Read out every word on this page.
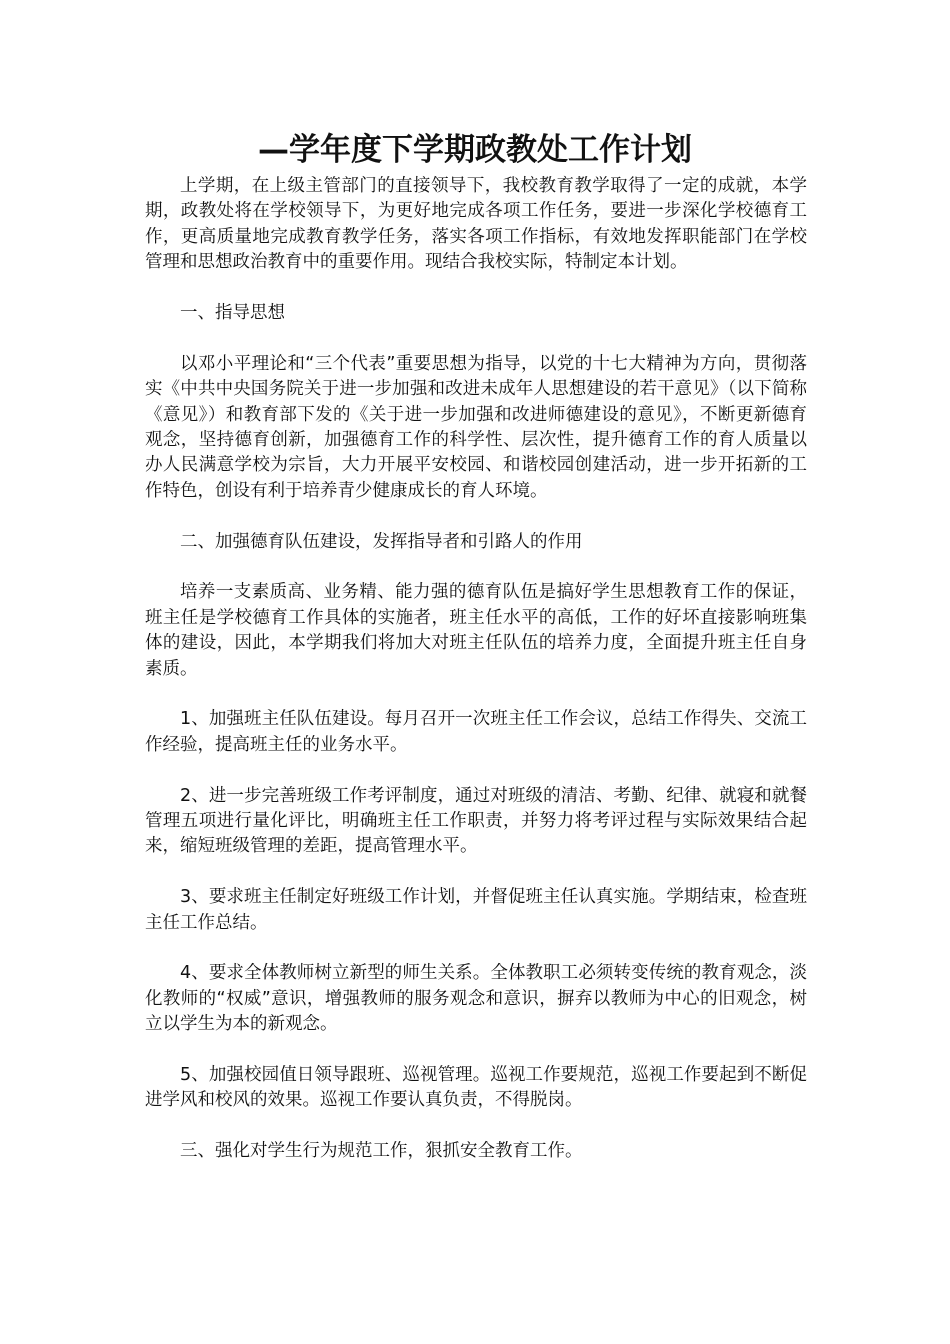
—学年度下学期政教处工作计划

上学期，在上级主管部门的直接领导下，我校教育教学取得了一定的成就，本学期，政教处将在学校领导下，为更好地完成各项工作任务，要进一步深化学校德育工作，更高质量地完成教育教学任务，落实各项工作指标，有效地发挥职能部门在学校管理和思想政治教育中的重要作用。现结合我校实际，特制定本计划。

一、指导思想

以邓小平理论和“三个代表”重要思想为指导，以党的十七大精神为方向，贯彻落实《中共中央国务院关于进一步加强和改进未成年人思想建设的若干意见》（以下简称《意见》）和教育部下发的《关于进一步加强和改进师德建设的意见》，不断更新德育观念，坚持德育创新，加强德育工作的科学性、层次性，提升德育工作的育人质量以办人民满意学校为宗旨，大力开展平安校园、和谐校园创建活动，进一步开拓新的工作特色，创设有利于培养青少健康成长的育人环境。

二、加强德育队伍建设，发挥指导者和引路人的作用

培养一支素质高、业务精、能力强的德育队伍是搞好学生思想教育工作的保证，班主任是学校德育工作具体的实施者，班主任水平的高低，工作的好坏直接影响班集体的建设，因此，本学期我们将加大对班主任队伍的培养力度，全面提升班主任自身素质。

1、加强班主任队伍建设。每月召开一次班主任工作会议，总结工作得失、交流工作经验，提高班主任的业务水平。

2、进一步完善班级工作考评制度，通过对班级的清洁、考勤、纪律、就寝和就餐管理五项进行量化评比，明确班主任工作职责，并努力将考评过程与实际效果结合起来，缩短班级管理的差距，提高管理水平。

3、要求班主任制定好班级工作计划，并督促班主任认真实施。学期结束，检查班主任工作总结。

4、要求全体教师树立新型的师生关系。全体教职工必须转变传统的教育观念，淡化教师的“权威”意识，增强教师的服务观念和意识，摒弃以教师为中心的旧观念，树立以学生为本的新观念。

5、加强校园值日领导跟班、巡视管理。巡视工作要规范，巡视工作要起到不断促进学风和校风的效果。巡视工作要认真负责，不得脱岗。

三、强化对学生行为规范工作，狠抓安全教育工作。
